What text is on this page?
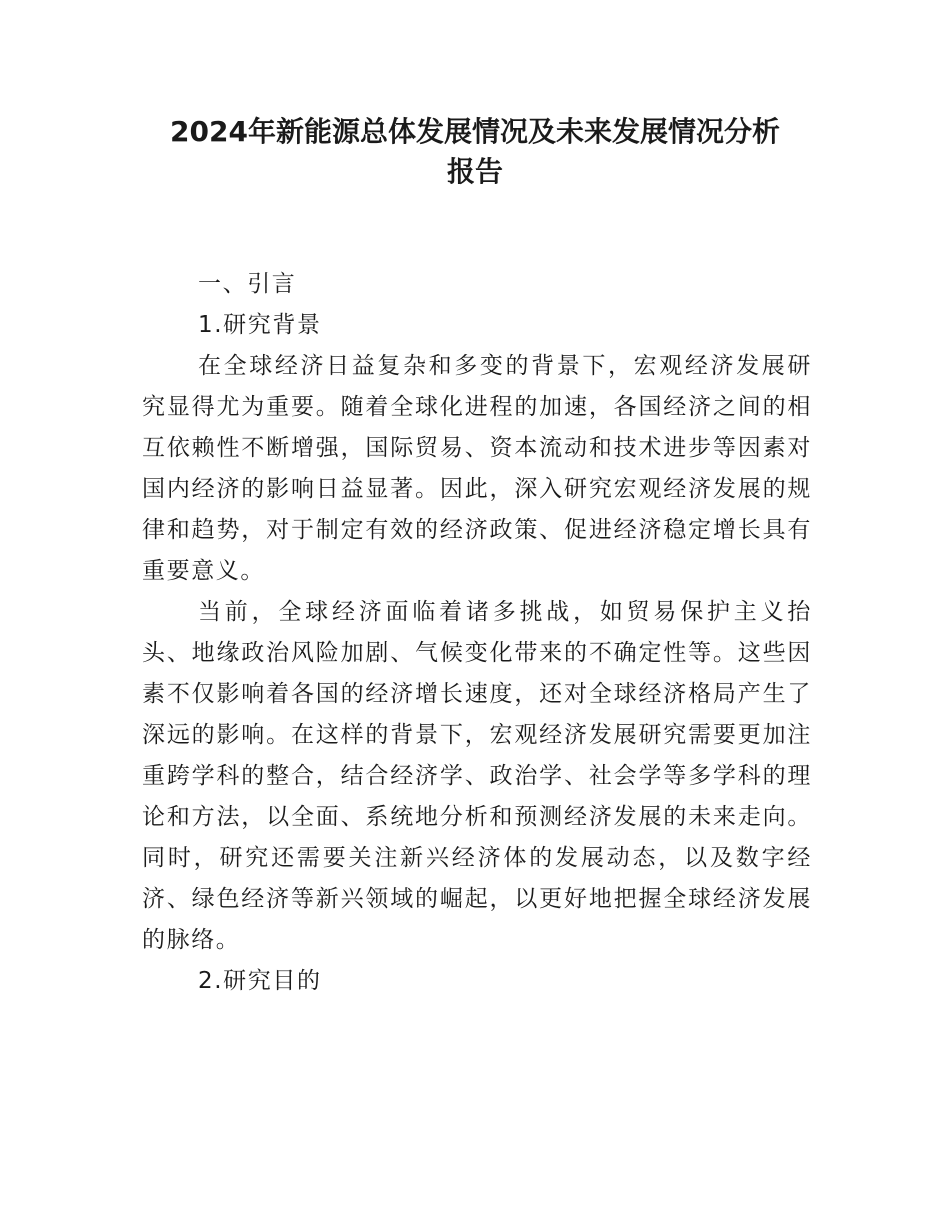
2024年新能源总体发展情况及未来发展情况分析
报告

一、引言

1.研究背景

在全球经济日益复杂和多变的背景下，宏观经济发展研究显得尤为重要。随着全球化进程的加速，各国经济之间的相互依赖性不断增强，国际贸易、资本流动和技术进步等因素对国内经济的影响日益显著。因此，深入研究宏观经济发展的规律和趋势，对于制定有效的经济政策、促进经济稳定增长具有重要意义。

当前，全球经济面临着诸多挑战，如贸易保护主义抬头、地缘政治风险加剧、气候变化带来的不确定性等。这些因素不仅影响着各国的经济增长速度，还对全球经济格局产生了深远的影响。在这样的背景下，宏观经济发展研究需要更加注重跨学科的整合，结合经济学、政治学、社会学等多学科的理论和方法，以全面、系统地分析和预测经济发展的未来走向。同时，研究还需要关注新兴经济体的发展动态，以及数字经济、绿色经济等新兴领域的崛起，以更好地把握全球经济发展的脉络。

2.研究目的
